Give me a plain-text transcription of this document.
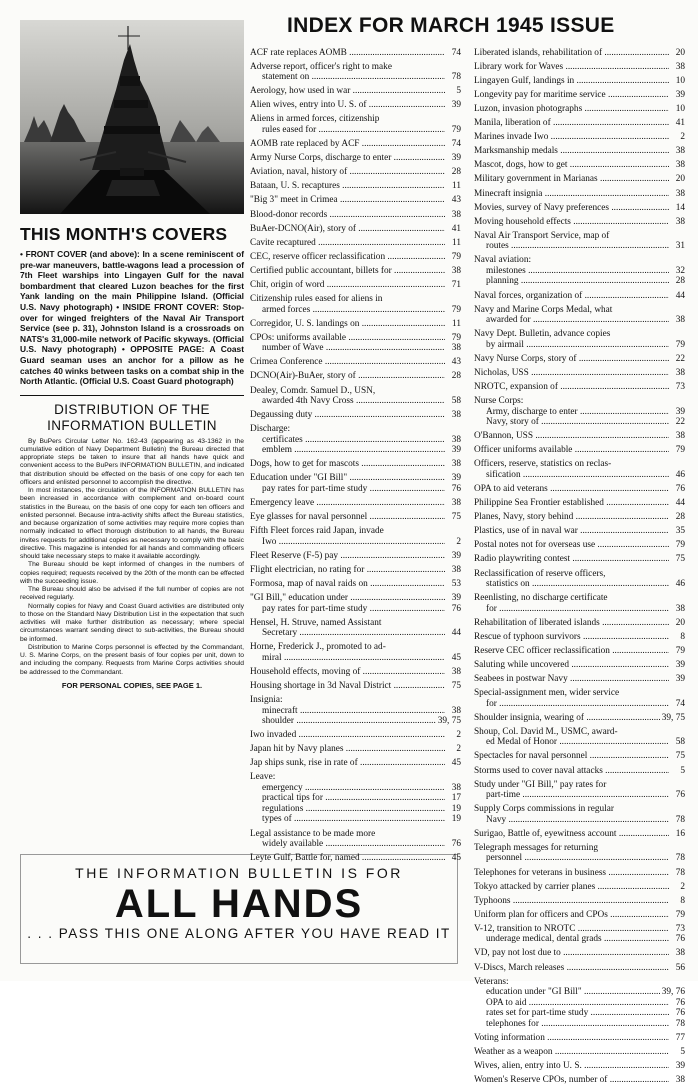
THIS MONTH'S COVERS

• FRONT COVER (and above): In a scene reminiscent of pre-war maneuvers, battle-wagons lead a procession of 7th Fleet warships into Lingayen Gulf for the naval bombardment that cleared Luzon beaches for the first Yank landing on the main Philippine Island. (Official U.S. Navy photograph) • INSIDE FRONT COVER: Stop-over for winged freighters of the Naval Air Transport Service (see p. 31), Johnston Island is a crossroads on NATS's 31,000-mile network of Pacific skyways. (Official U.S. Navy photograph) • OPPOSITE PAGE: A Coast Guard seaman uses an anchor for a pillow as he catches 40 winks between tasks on a combat ship in the North Atlantic. (Official U.S. Coast Guard photograph)

DISTRIBUTION OF THE
INFORMATION BULLETIN

By BuPers Circular Letter No. 162-43 (appearing as 43-1362 in the cumulative edition of Navy Department Bulletin) the Bureau directed that appropriate steps be taken to insure that all hands have quick and convenient access to the BuPers INFORMATION BULLETIN, and indicated that distribution should be effected on the basis of one copy for each ten officers and enlisted personnel to accomplish the directive.

In most instances, the circulation of the INFORMATION BULLETIN has been increased in accordance with complement and on-board count statistics in the Bureau, on the basis of one copy for each ten officers and enlisted personnel. Because intra-activity shifts affect the Bureau statistics, and because organization of some activities may require more copies than normally indicated to effect thorough distribution to all hands, the Bureau invites requests for additional copies as necessary to comply with the basic directive. This magazine is intended for all hands and commanding officers should take necessary steps to make it available accordingly.

The Bureau should be kept informed of changes in the numbers of copies required; requests received by the 20th of the month can be effected with the succeeding issue.

The Bureau should also be advised if the full number of copies are not received regularly.

Normally copies for Navy and Coast Guard activities are distributed only to those on the Standard Navy Distribution List in the expectation that such activities will make further distribution as necessary; where special circumstances warrant sending direct to sub-activities, the Bureau should be informed.

Distribution to Marine Corps personnel is effected by the Commandant, U. S. Marine Corps, on the present basis of four copies per unit, down to and including the company. Requests from Marine Corps activities should be addressed to the Commandant.

FOR PERSONAL COPIES, SEE PAGE 1.
THE INFORMATION BULLETIN IS FOR
ALL HANDS
. . . PASS THIS ONE ALONG AFTER YOU HAVE READ IT
INDEX FOR MARCH 1945 ISSUE
ACF rate replaces AOMB .....	74
Adverse report, officer's right to make
statement on .....	78
Aerology, how used in war .....	5
Alien wives, entry into U. S. of .....	39
Aliens in armed forces, citizenship
rules eased for .....	79
AOMB rate replaced by ACF .....	74
Army Nurse Corps, discharge to enter .....	39
Aviation, naval, history of .....	28
Bataan, U. S. recaptures .....	11
"Big 3" meet in Crimea .....	43
Blood-donor records .....	38
BuAer-DCNO(Air), story of .....	41
Cavite recaptured .....	11
CEC, reserve officer reclassification .....	79
Certified public accountant, billets for .....	38
Chit, origin of word .....	71
Citizenship rules eased for aliens in
armed forces .....	79
Corregidor, U. S. landings on .....	11
CPOs: uniforms available .....	79
number of Wave .....	38
Crimea Conference .....	43
DCNO(Air)-BuAer, story of .....	28
Dealey, Comdr. Samuel D., USN,
awarded 4th Navy Cross .....	58
Degaussing duty .....	38
Discharge:
certificates .....	38
emblem .....	39
Dogs, how to get for mascots .....	38
Education under "GI Bill" .....	39
pay rates for part-time study .....	76
Emergency leave .....	38
Eye glasses for naval personnel .....	75
Fifth Fleet forces raid Japan, invade
Iwo .....	2
Fleet Reserve (F-5) pay .....	39
Flight electrician, no rating for .....	38
Formosa, map of naval raids on .....	53
"GI Bill," education under .....	39
pay rates for part-time study .....	76
Hensel, H. Struve, named Assistant
Secretary .....	44
Horne, Frederick J., promoted to ad-
miral .....	45
Household effects, moving of .....	38
Housing shortage in 3d Naval District .....	75
Insignia:
minecraft .....	38
shoulder .....	39, 75
Iwo invaded .....	2
Japan hit by Navy planes .....	2
Jap ships sunk, rise in rate of .....	45
Leave:
emergency .....	38
practical tips for .....	17
regulations .....	19
types of .....	19
Legal assistance to be made more
widely available .....	76
Leyte Gulf, Battle for, named .....	45
Liberated islands, rehabilitation of .....	20
Library work for Waves .....	38
Lingayen Gulf, landings in .....	10
Longevity pay for maritime service .....	39
Luzon, invasion photographs .....	10
Manila, liberation of .....	41
Marines invade Iwo .....	2
Marksmanship medals .....	38
Mascot, dogs, how to get .....	38
Military government in Marianas .....	20
Minecraft insignia .....	38
Movies, survey of Navy preferences .....	14
Moving household effects .....	38
Naval Air Transport Service, map of
routes .....	31
Naval aviation:
milestones .....	32
planning .....	28
Naval forces, organization of .....	44
Navy and Marine Corps Medal, what
awarded for .....	38
Navy Dept. Bulletin, advance copies
by airmail .....	79
Navy Nurse Corps, story of .....	22
Nicholas, USS .....	38
NROTC, expansion of .....	73
Nurse Corps:
Army, discharge to enter .....	39
Navy, story of .....	22
O'Bannon, USS .....	38
Officer uniforms available .....	79
Officers, reserve, statistics on reclas-
sification .....	46
OPA to aid veterans .....	76
Philippine Sea Frontier established .....	44
Planes, Navy, story behind .....	28
Plastics, use of in naval war .....	35
Postal notes not for overseas use .....	79
Radio playwriting contest .....	75
Reclassification of reserve officers,
statistics on .....	46
Reenlisting, no discharge certificate
for .....	38
Rehabilitation of liberated islands .....	20
Rescue of typhoon survivors .....	8
Reserve CEC officer reclassification .....	79
Saluting while uncovered .....	39
Seabees in postwar Navy .....	39
Special-assignment men, wider service
for .....	74
Shoulder insignia, wearing of .....	39, 75
Shoup, Col. David M., USMC, award-
ed Medal of Honor .....	58
Spectacles for naval personnel .....	75
Storms used to cover naval attacks .....	5
Study under "GI Bill," pay rates for
part-time .....	76
Supply Corps commissions in regular
Navy .....	78
Surigao, Battle of, eyewitness account .....	16
Telegraph messages for returning
personnel .....	78
Telephones for veterans in business .....	78
Tokyo attacked by carrier planes .....	2
Typhoons .....	8
Uniform plan for officers and CPOs .....	79
V-12, transition to NROTC .....	73
underage medical, dental grads .....	76
VD, pay not lost due to .....	38
V-Discs, March releases .....	56
Veterans:
education under "GI Bill" .....	39, 76
OPA to aid .....	76
rates set for part-time study .....	76
telephones for .....	78
Voting information .....	77
Weather as a weapon .....	5
Wives, alien, entry into U. S. .....	39
Women's Reserve CPOs, number of .....	38
